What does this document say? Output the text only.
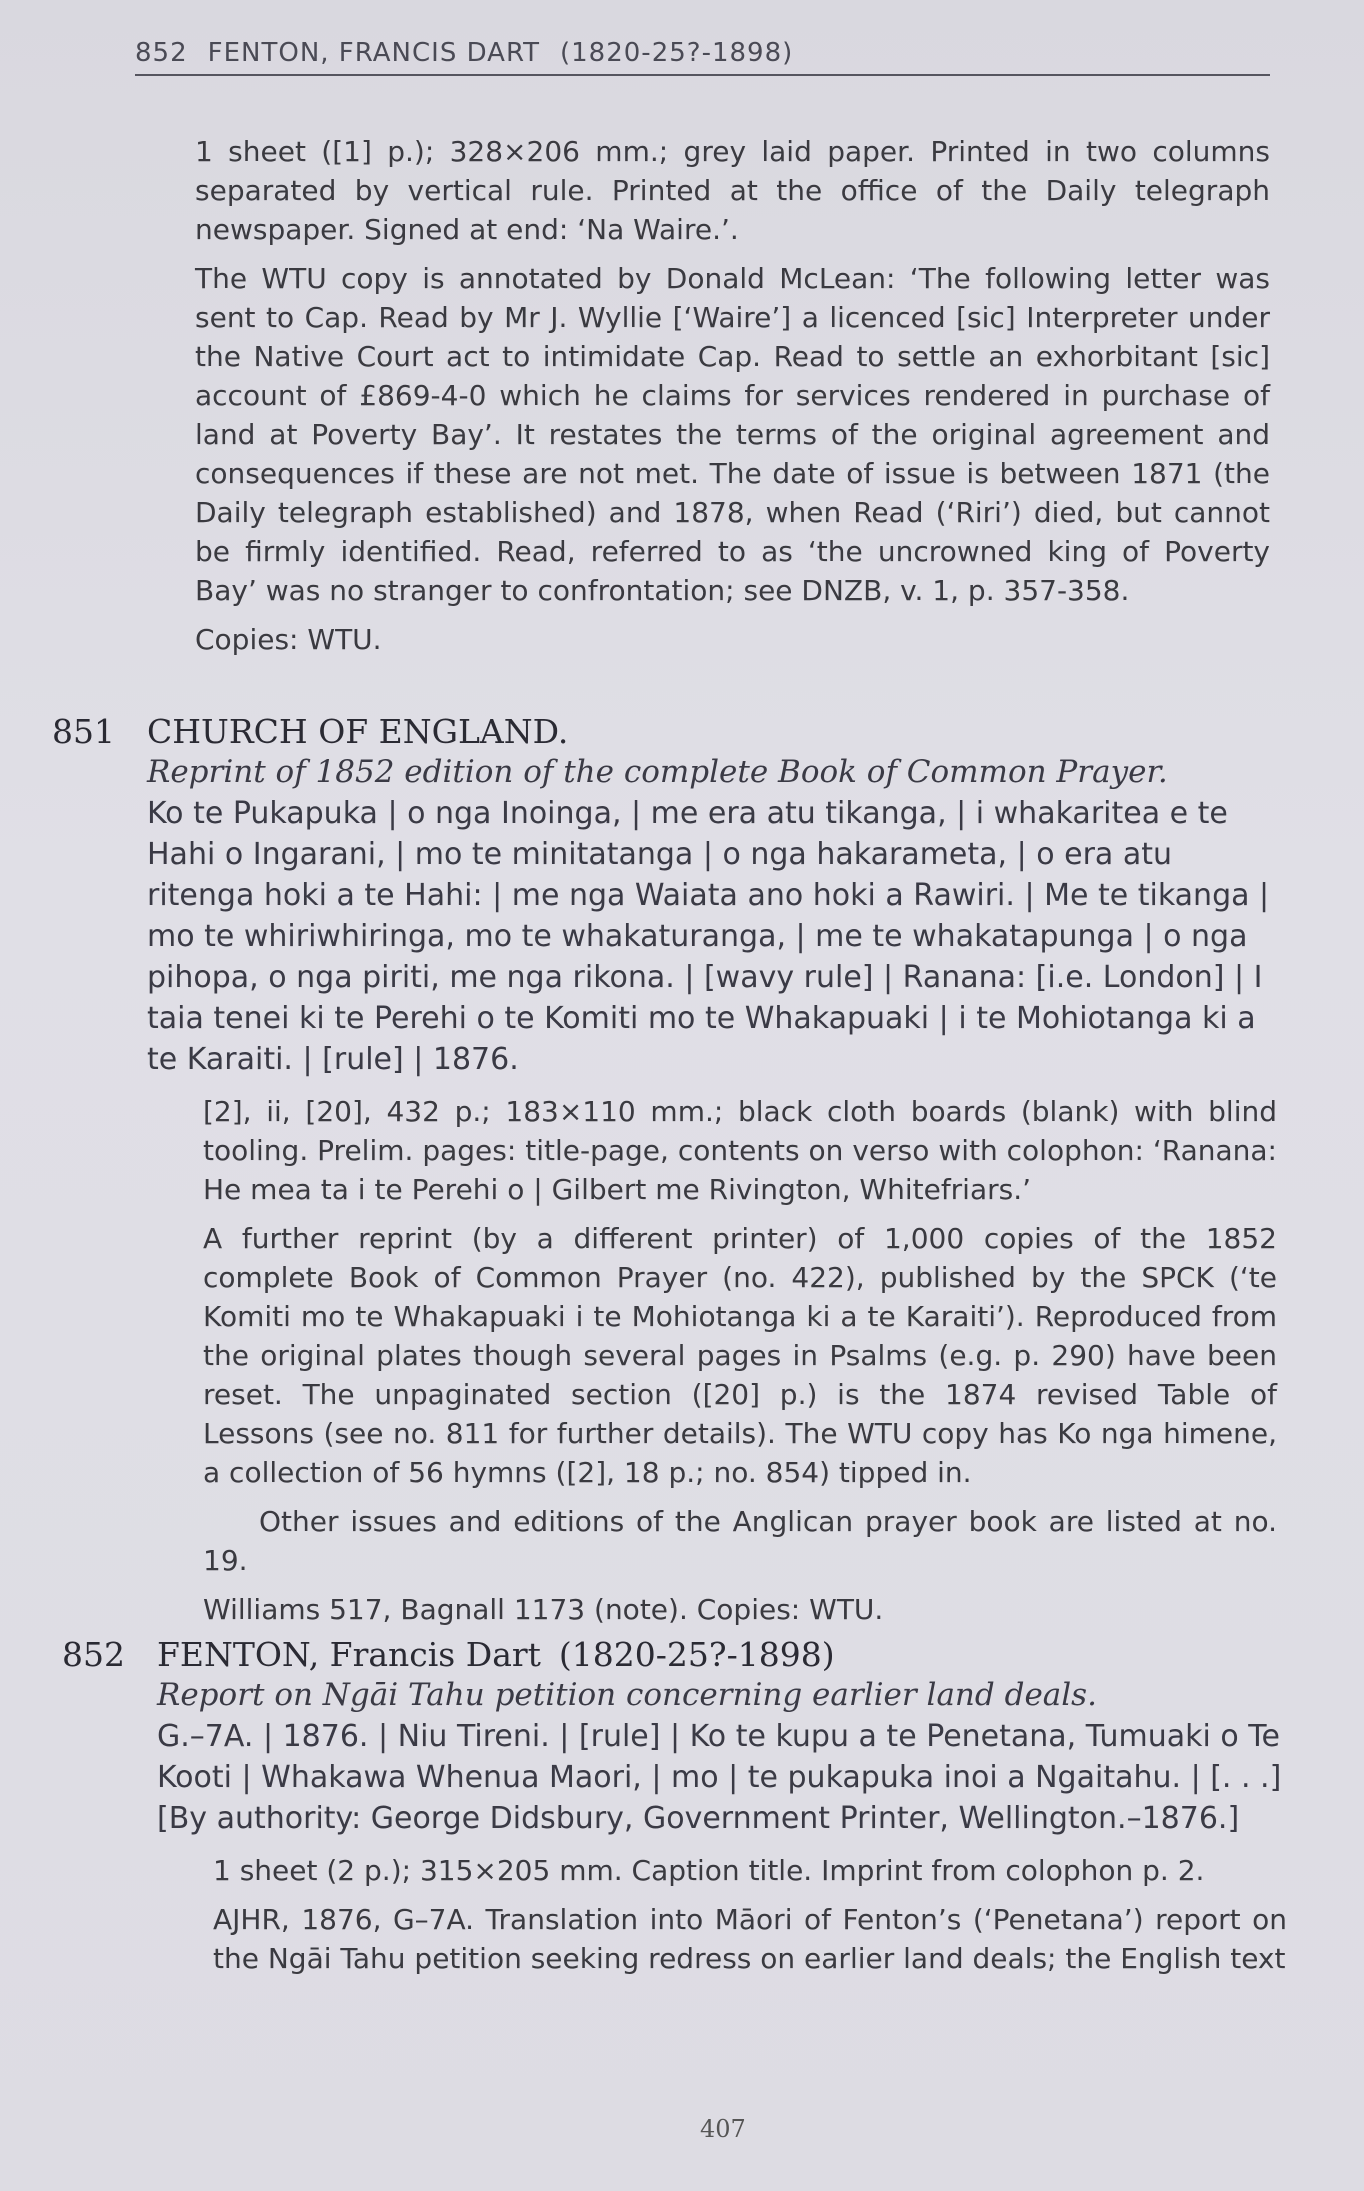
852 FENTON, FRANCIS DART (1820-25?-1898)

1 sheet ([1] p.); 328×206 mm.; grey laid paper. Printed in two columns separated by vertical rule. Printed at the office of the Daily telegraph newspaper. Signed at end: ‘Na Waire.’.

The WTU copy is annotated by Donald McLean: ‘The following letter was sent to Cap. Read by Mr J. Wyllie [‘Waire’] a licenced [sic] Interpreter under the Native Court act to intimidate Cap. Read to settle an exhorbitant [sic] account of £869-4-0 which he claims for services rendered in purchase of land at Poverty Bay’. It restates the terms of the original agreement and consequences if these are not met. The date of issue is between 1871 (the Daily telegraph established) and 1878, when Read (‘Riri’) died, but cannot be firmly identified. Read, referred to as ‘the uncrowned king of Poverty Bay’ was no stranger to confrontation; see DNZB, v. 1, p. 357-358.

Copies: WTU.

851 CHURCH OF ENGLAND.
Reprint of 1852 edition of the complete Book of Common Prayer.
Ko te Pukapuka | o nga Inoinga, | me era atu tikanga, | i whakaritea e te Hahi o Ingarani, | mo te minitatanga | o nga hakarameta, | o era atu ritenga hoki a te Hahi: | me nga Waiata ano hoki a Rawiri. | Me te tikanga | mo te whiriwhiringa, mo te whakaturanga, | me te whakatapunga | o nga pihopa, o nga piriti, me nga rikona. | [wavy rule] | Ranana: [i.e. London] | I taia tenei ki te Perehi o te Komiti mo te Whakapuaki | i te Mohiotanga ki a te Karaiti. | [rule] | 1876.

[2], ii, [20], 432 p.; 183×110 mm.; black cloth boards (blank) with blind tooling. Prelim. pages: title-page, contents on verso with colophon: ‘Ranana: He mea ta i te Perehi o | Gilbert me Rivington, Whitefriars.’

A further reprint (by a different printer) of 1,000 copies of the 1852 complete Book of Common Prayer (no. 422), published by the SPCK (‘te Komiti mo te Whakapuaki i te Mohiotanga ki a te Karaiti’). Reproduced from the original plates though several pages in Psalms (e.g. p. 290) have been reset. The unpaginated section ([20] p.) is the 1874 revised Table of Lessons (see no. 811 for further details). The WTU copy has Ko nga himene, a collection of 56 hymns ([2], 18 p.; no. 854) tipped in.

Other issues and editions of the Anglican prayer book are listed at no. 19.

Williams 517, Bagnall 1173 (note). Copies: WTU.

852 FENTON, Francis Dart (1820-25?-1898)
Report on Ngāi Tahu petition concerning earlier land deals.
G.–7A. | 1876. | Niu Tireni. | [rule] | Ko te kupu a te Penetana, Tumuaki o Te Kooti | Whakawa Whenua Maori, | mo | te pukapuka inoi a Ngaitahu. | [. . .] [By authority: George Didsbury, Government Printer, Wellington.–1876.]

1 sheet (2 p.); 315×205 mm. Caption title. Imprint from colophon p. 2.

AJHR, 1876, G–7A. Translation into Māori of Fenton’s (‘Penetana’) report on the Ngāi Tahu petition seeking redress on earlier land deals; the English text

407
